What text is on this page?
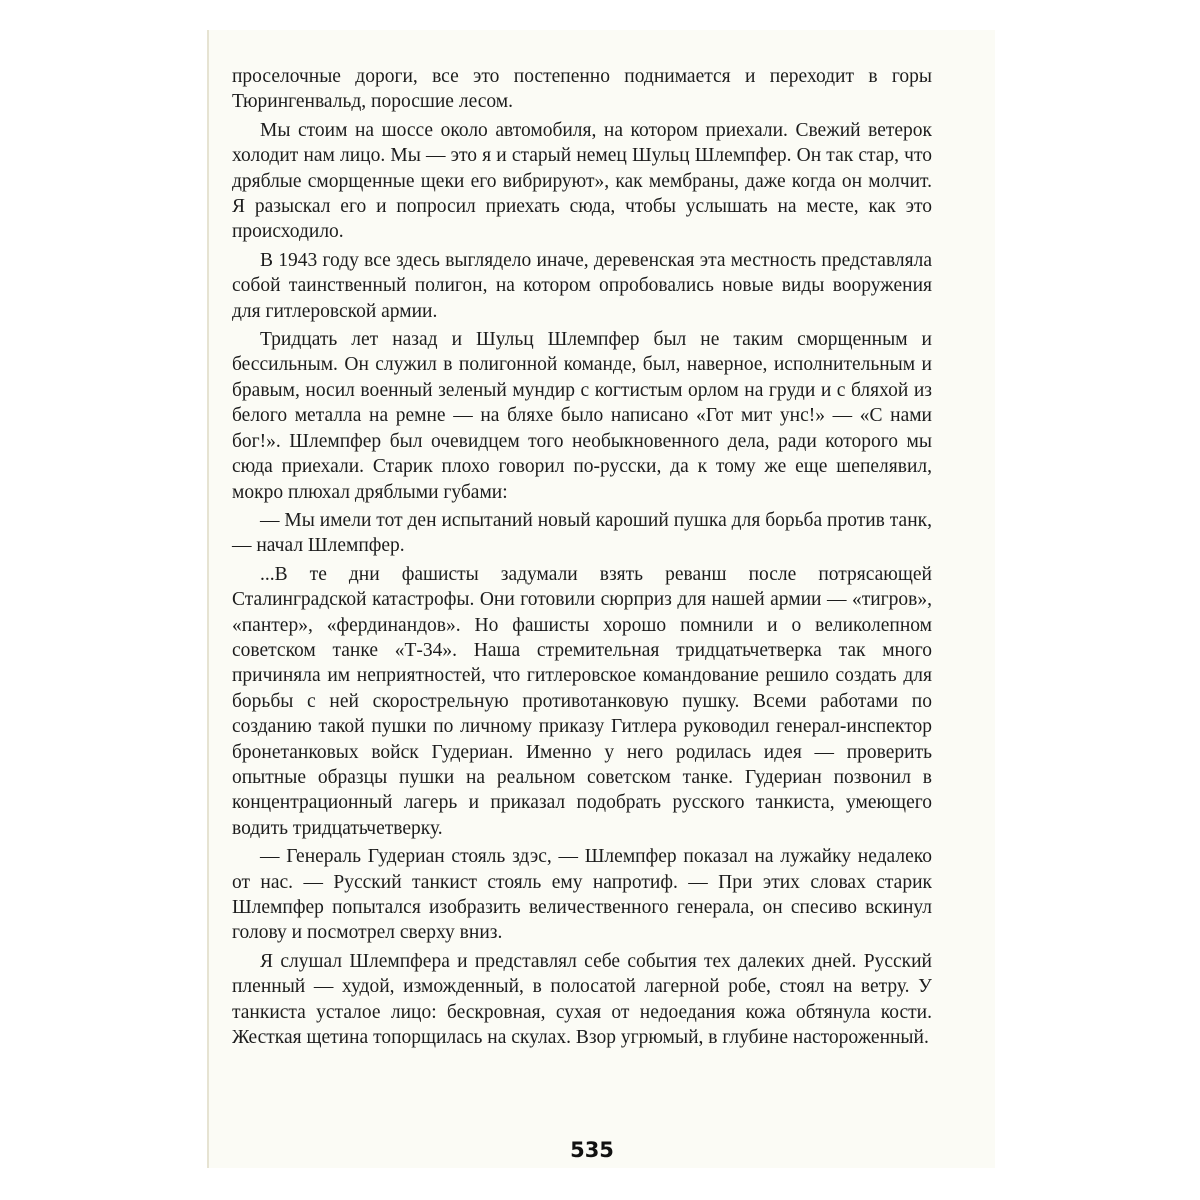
проселочные дороги, все это постепенно поднимается и переходит в горы Тюрингенвальд, поросшие лесом.

Мы стоим на шоссе около автомобиля, на котором приехали. Свежий ветерок холодит нам лицо. Мы — это я и старый немец Шульц Шлемпфер. Он так стар, что дряблые сморщенные щеки его вибрируют», как мембраны, даже когда он молчит. Я разыскал его и попросил приехать сюда, чтобы услышать на месте, как это происходило.

В 1943 году все здесь выглядело иначе, деревенская эта местность представляла собой таинственный полигон, на котором опробовались новые виды вооружения для гитлеровской армии.

Тридцать лет назад и Шульц Шлемпфер был не таким сморщенным и бессильным. Он служил в полигонной команде, был, наверное, исполнительным и бравым, носил военный зеленый мундир с когтистым орлом на груди и с бляхой из белого металла на ремне — на бляхе было написано «Гот мит унс!» — «С нами бог!». Шлемпфер был очевидцем того необыкновенного дела, ради которого мы сюда приехали. Старик плохо говорил по-русски, да к тому же еще шепелявил, мокро плюхал дряблыми губами:

— Мы имели тот ден испытаний новый кароший пушка для борьба против танк, — начал Шлемпфер.

...В те дни фашисты задумали взять реванш после потрясающей Сталинградской катастрофы. Они готовили сюрприз для нашей армии — «тигров», «пантер», «фердинандов». Но фашисты хорошо помнили и о великолепном советском танке «Т-34». Наша стремительная тридцатьчетверка так много причиняла им неприятностей, что гитлеровское командование решило создать для борьбы с ней скорострельную противотанковую пушку. Всеми работами по созданию такой пушки по личному приказу Гитлера руководил генерал-инспектор бронетанковых войск Гудериан. Именно у него родилась идея — проверить опытные образцы пушки на реальном советском танке. Гудериан позвонил в концентрационный лагерь и приказал подобрать русского танкиста, умеющего водить тридцатьчетверку.

— Генераль Гудериан стояль здэс, — Шлемпфер показал на лужайку недалеко от нас. — Русский танкист стояль ему напротиф. — При этих словах старик Шлемпфер попытался изобразить величественного генерала, он спесиво вскинул голову и посмотрел сверху вниз.

Я слушал Шлемпфера и представлял себе события тех далеких дней. Русский пленный — худой, изможденный, в полосатой лагерной робе, стоял на ветру. У танкиста усталое лицо: бескровная, сухая от недоедания кожа обтянула кости. Жесткая щетина топорщилась на скулах. Взор угрюмый, в глубине настороженный.

535
